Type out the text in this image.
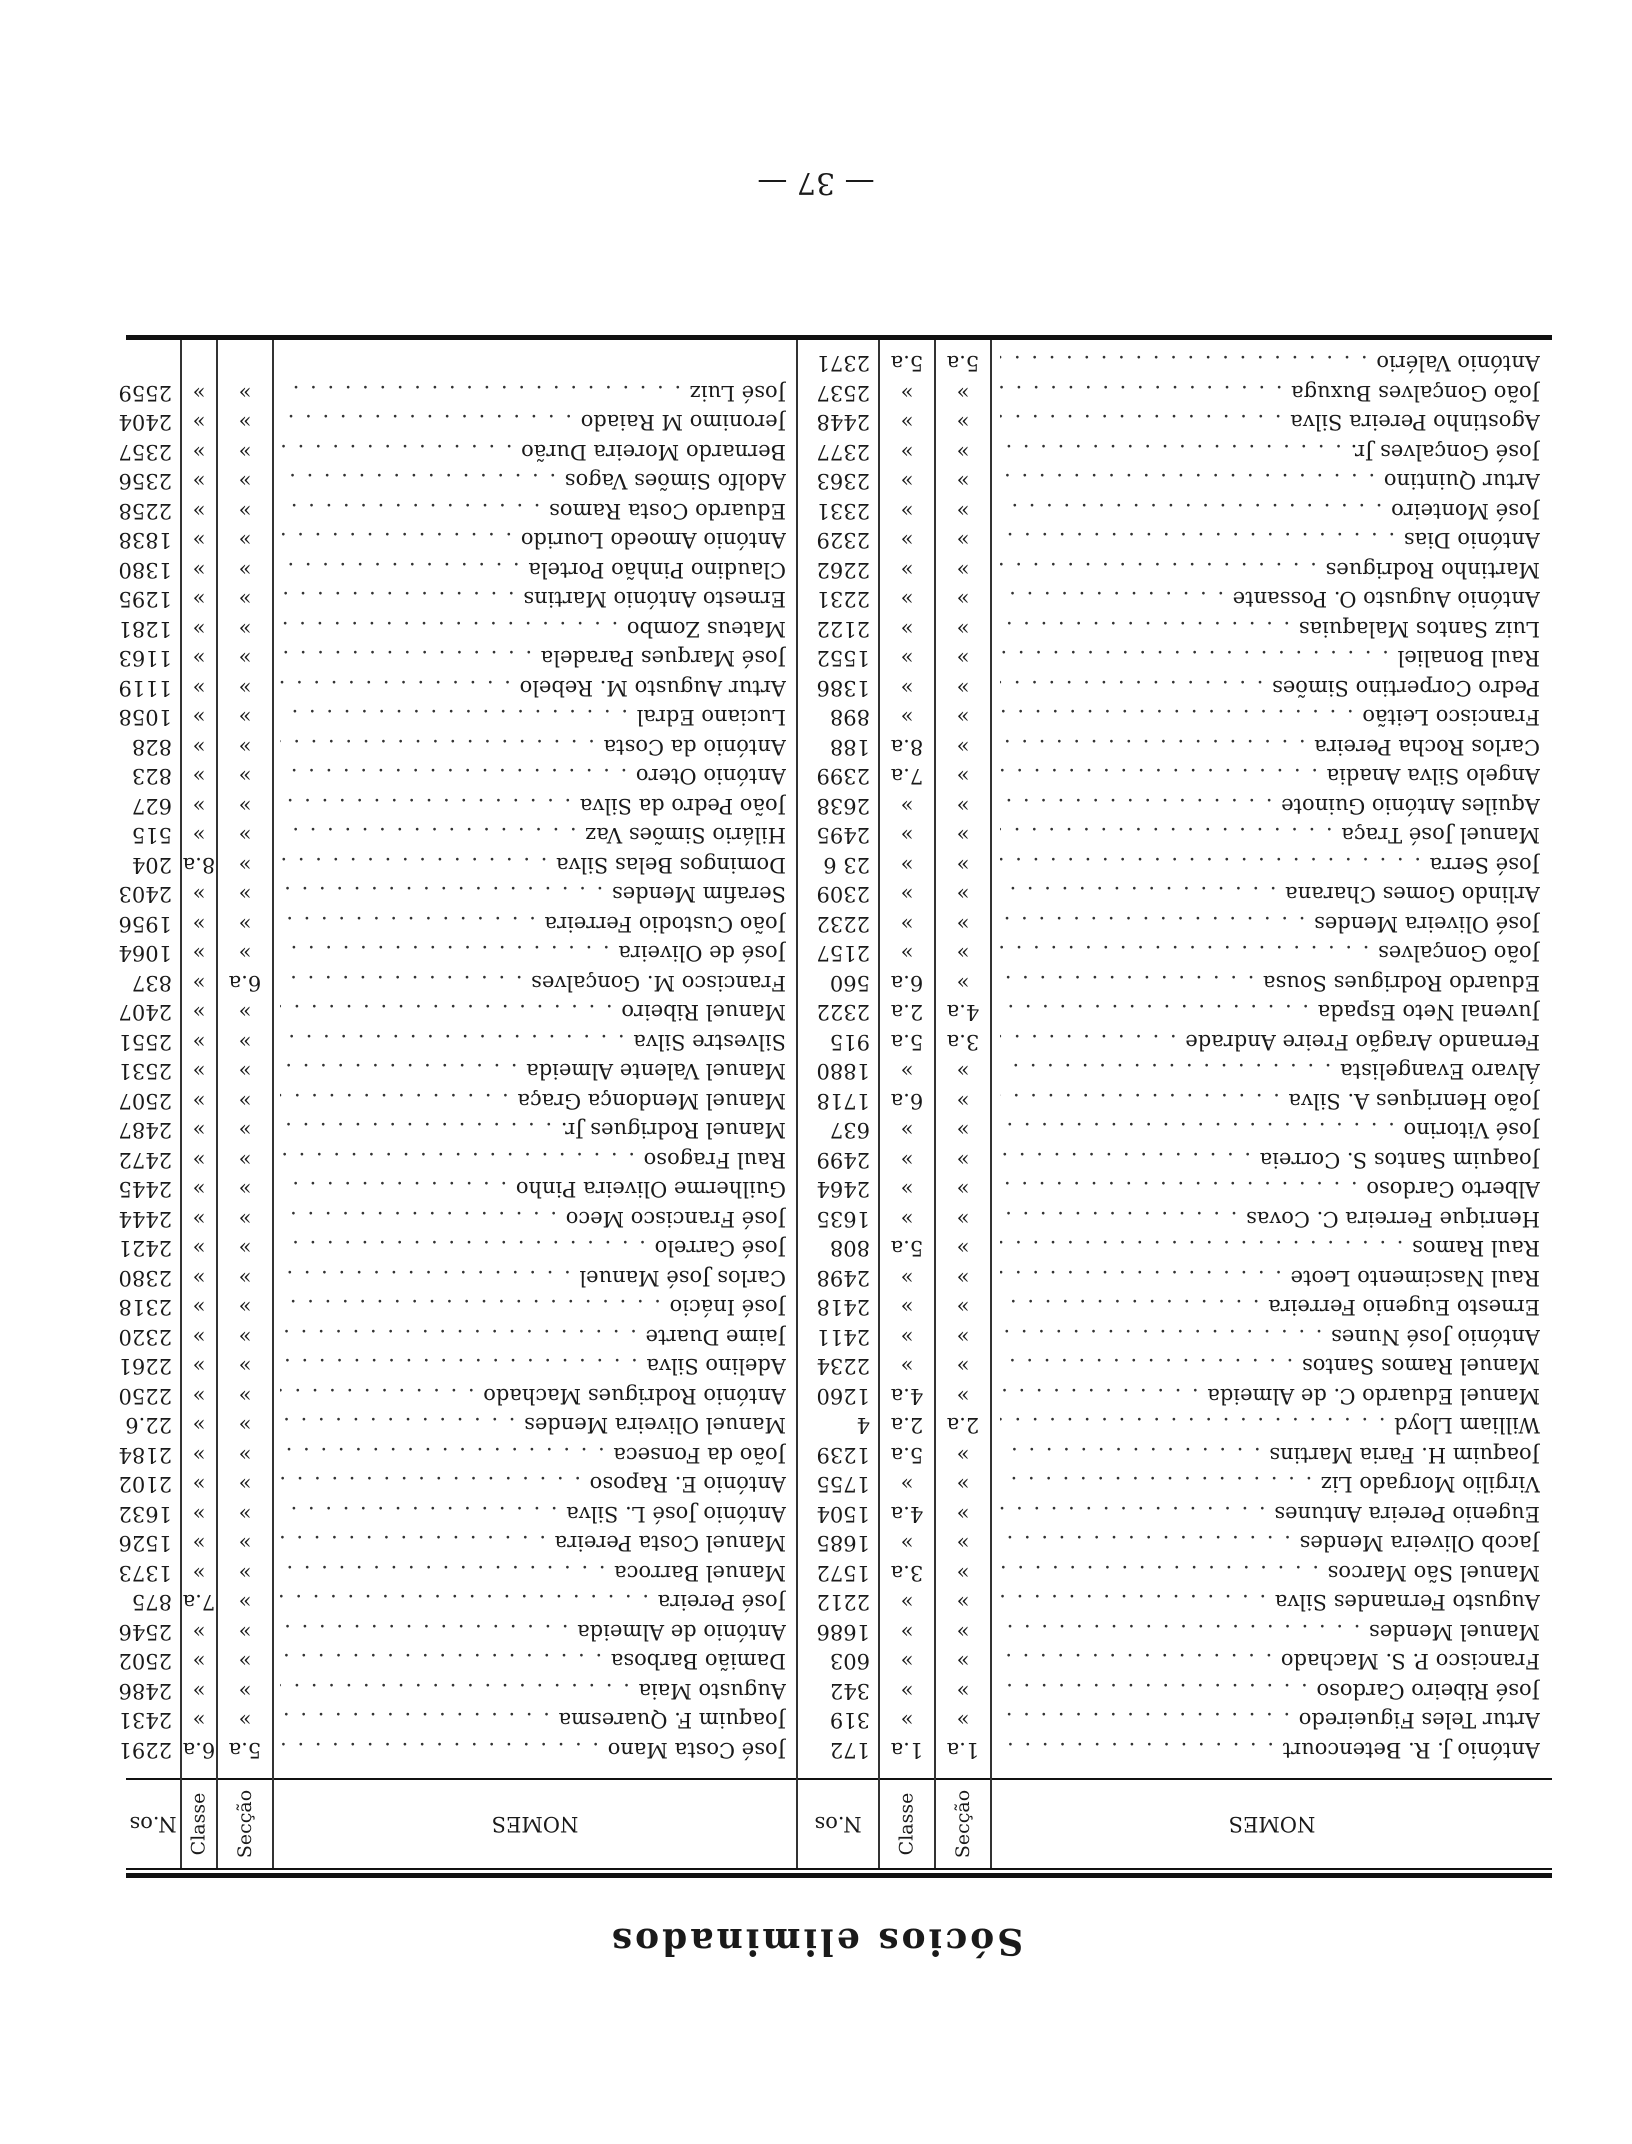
Sócios eliminados
NOMES
Secção
Classe
N.os
NOMES
Secção
Classe
N.os
António J. R. Betencourt . . .
1.a
1.a
172
Artur Teles Figueiredo . . .
»
»
319
José Ribeiro Cardoso . . .
»
»
342
Francisco P. S. Machado . . .
»
»
603
Manuel Mendes . . .
»
»
1686
Augusto Fernandes Silva . . .
»
»
2212
Manuel São Marcos . . .
»
3.a
1572
Jacob Oliveira Mendes . . .
»
»
1685
Eugenio Pereira Antunes . . .
»
4.a
1504
Virgilio Morgado Liz . . .
»
»
1755
Joaquim H. Faria Martins . . .
»
5.a
1239
William Lloyd . . .
2.a
2.a
4
Manuel Eduardo C. de Almeida . . .
»
4.a
1260
Manuel Ramos Santos . . .
»
»
2234
António José Nunes . . .
»
»
2411
Ernesto Eugenio Ferreira . . .
»
»
2418
Raul Nascimento Leote . . .
»
»
2498
Raul Ramos . . .
»
5.a
808
Henrique Ferreira C. Covas . . .
»
»
1635
Alberto Cardoso . . .
»
»
2464
Joaquim Santos S. Correia . . .
»
»
2499
José Vitorino . . .
»
»
637
João Henriques A. Silva . . .
»
6.a
1718
Álvaro Evangelista . . .
»
»
1880
Fernando Aragão Freire Andrade . . .
3.a
5.a
915
Juvenal Neto Espada . . .
4.a
2.a
2322
Eduardo Rodrigues Sousa . . .
»
6.a
560
João Gonçalves . . .
»
»
2157
José Oliveira Mendes . . .
»
»
2232
Arlindo Gomes Charana . . .
»
»
2309
José Serra . . .
»
»
23 6
Manuel José Traça . . .
»
»
2495
Aquiles António Guinote . . .
»
»
2638
Angelo Silva Anadia . . .
»
7.a
2399
Carlos Rocha Pereira . . .
»
8.a
188
Francisco Leitão . . .
»
»
898
Pedro Corpertino Simões . . .
»
»
1386
Raul Bonaliel . . .
»
»
1552
Luiz Santos Malaquias . . .
»
»
2122
António Augusto O. Possante . . .
»
»
2231
Martinho Rodrigues . . .
»
»
2262
António Dias . . .
»
»
2329
José Monteiro . . .
»
»
2331
Artur Quintino . . .
»
»
2363
José Gonçalves Jr. . . .
»
»
2377
Agostinho Pereira Silva . . .
»
»
2448
João Gonçalves Buxuga . . .
»
»
2537
António Valério . . .
5.a
5.a
2371
José Costa Mano . . .
5.a
6.a
2291
Joaquim F. Quaresma . . .
»
»
2431
Augusto Maia . . .
»
»
2486
Damião Barbosa . . .
»
»
2502
António de Almeida . . .
»
»
2546
José Pereira . . .
»
7.a
875
Manuel Barroca . . .
»
»
1373
Manuel Costa Pereira . . .
»
»
1526
António José L. Silva . . .
»
»
1632
António E. Raposo . . .
»
»
2102
João da Fonseca . . .
»
»
2184
Manuel Oliveira Mendes . . .
»
»
22.6
António Rodrigues Machado . . .
»
»
2250
Adelino Silva . . .
»
»
2261
Jaime Duarte . . .
»
»
2320
José Inácio . . .
»
»
2318
Carlos José Manuel . . .
»
»
2380
José Carrelo . . .
»
»
2421
José Francisco Meco . . .
»
»
2444
Guilherme Oliveira Pinho . . .
»
»
2445
Raul Fragoso . . .
»
»
2472
Manuel Rodrigues Jr. . . .
»
»
2487
Manuel Mendonça Graça . . .
»
»
2507
Manuel Valente Almeida . . .
»
»
2531
Silvestre Silva . . .
»
»
2551
Manuel Ribeiro . . .
»
»
2407
Francisco M. Gonçalves . . .
6.a
»
837
José de Oliveira . . .
»
»
1064
João Custodio Ferreira . . .
»
»
1956
Serafim Mendes . . .
»
»
2403
Domingos Belas Silva . . .
»
8.a
204
Hilário Simões Vaz . . .
»
»
515
João Pedro da Silva . . .
»
»
627
António Otero . . .
»
»
823
António da Costa . . .
»
»
828
Luciano Edral . . .
»
»
1058
Artur Augusto M. Rebelo . . .
»
»
1119
José Marques Paradela . . .
»
»
1163
Mateus Zombo . . .
»
»
1281
Ernesto António Martins . . .
»
»
1295
Claudino Pinhão Portela . . .
»
»
1380
António Amoedo Lourido . . .
»
»
1838
Eduardo Costa Ramos . . .
»
»
2258
Adolfo Simões Vagos . . .
»
»
2356
Bernardo Moreira Durão . . .
»
»
2357
Jeronimo M Raiado . . .
»
»
2404
José Luiz . . .
»
»
2559
— 37 —
